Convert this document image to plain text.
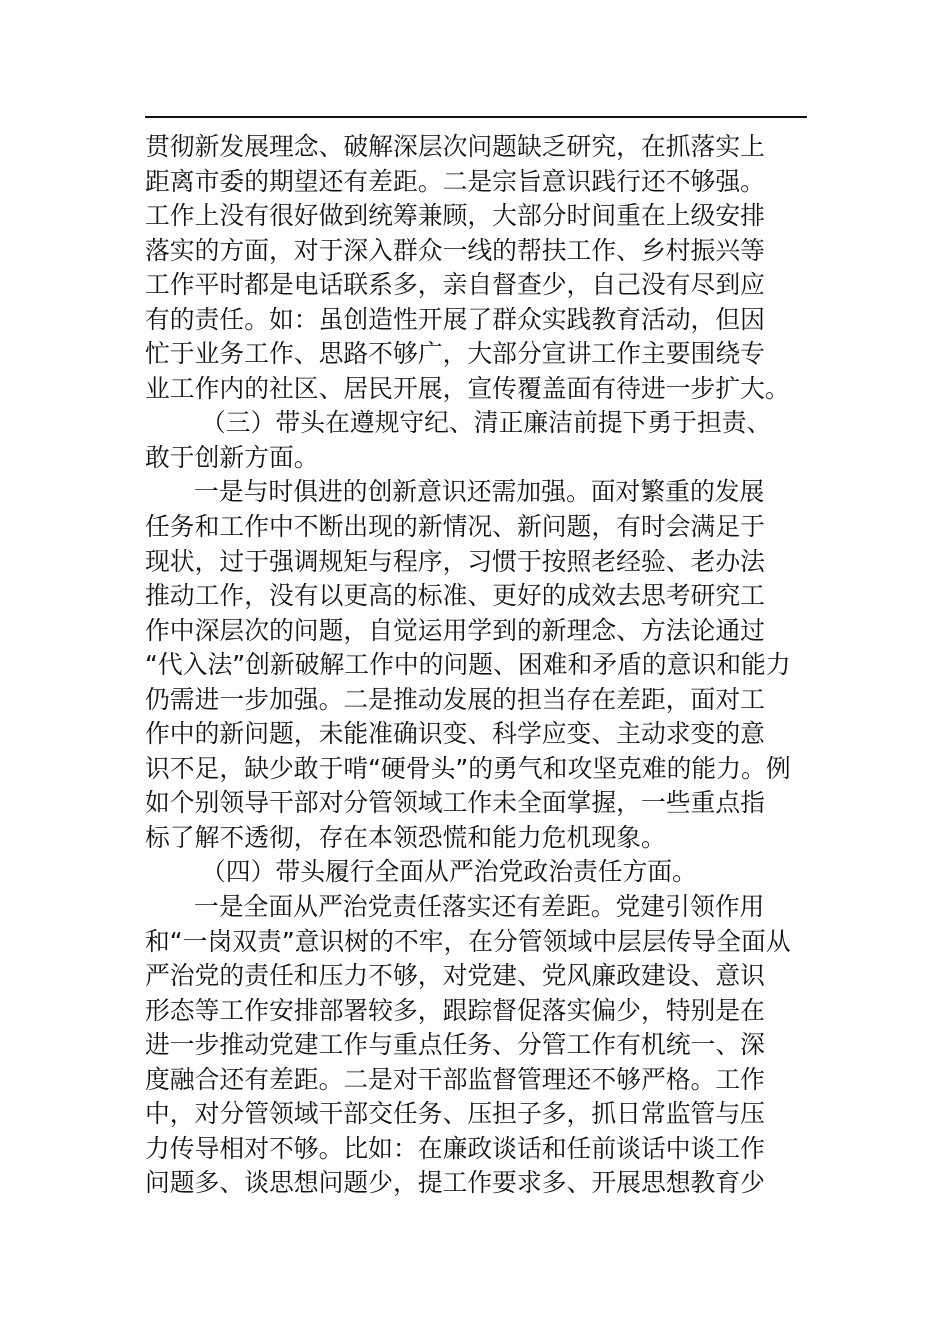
贯彻新发展理念、破解深层次问题缺乏研究，在抓落实上
距离市委的期望还有差距。二是宗旨意识践行还不够强。
工作上没有很好做到统筹兼顾，大部分时间重在上级安排
落实的方面，对于深入群众一线的帮扶工作、乡村振兴等
工作平时都是电话联系多，亲自督查少，自己没有尽到应
有的责任。如：虽创造性开展了群众实践教育活动，但因
忙于业务工作、思路不够广，大部分宣讲工作主要围绕专
业工作内的社区、居民开展，宣传覆盖面有待进一步扩大。
（三）带头在遵规守纪、清正廉洁前提下勇于担责、
敢于创新方面。
一是与时俱进的创新意识还需加强。面对繁重的发展
任务和工作中不断出现的新情况、新问题，有时会满足于
现状，过于强调规矩与程序，习惯于按照老经验、老办法
推动工作，没有以更高的标准、更好的成效去思考研究工
作中深层次的问题，自觉运用学到的新理念、方法论通过
“代入法”创新破解工作中的问题、困难和矛盾的意识和能力
仍需进一步加强。二是推动发展的担当存在差距，面对工
作中的新问题，未能准确识变、科学应变、主动求变的意
识不足，缺少敢于啃“硬骨头”的勇气和攻坚克难的能力。例
如个别领导干部对分管领域工作未全面掌握，一些重点指
标了解不透彻，存在本领恐慌和能力危机现象。
（四）带头履行全面从严治党政治责任方面。
一是全面从严治党责任落实还有差距。党建引领作用
和“一岗双责”意识树的不牢，在分管领域中层层传导全面从
严治党的责任和压力不够，对党建、党风廉政建设、意识
形态等工作安排部署较多，跟踪督促落实偏少，特别是在
进一步推动党建工作与重点任务、分管工作有机统一、深
度融合还有差距。二是对干部监督管理还不够严格。工作
中，对分管领域干部交任务、压担子多，抓日常监管与压
力传导相对不够。比如：在廉政谈话和任前谈话中谈工作
问题多、谈思想问题少，提工作要求多、开展思想教育少
